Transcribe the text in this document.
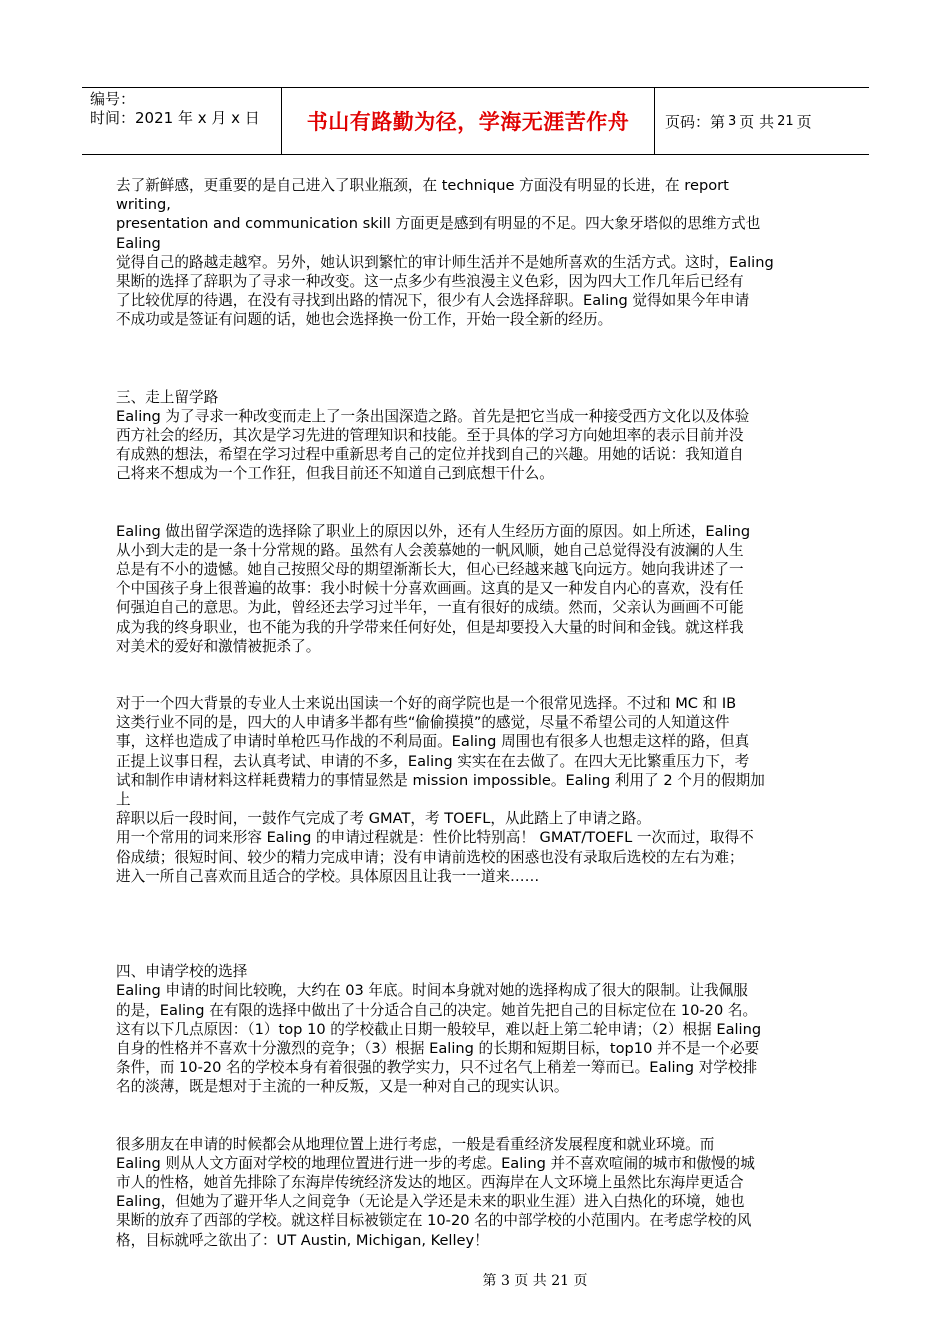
编号：
时间：2021 年 x 月 x 日	书山有路勤为径，学海无涯苦作舟 页码：第 3 页 共 21 页
去了新鲜感，更重要的是自己进入了职业瓶颈，在 technique 方面没有明显的长进，在 report
writing,
presentation and communication skill 方面更是感到有明显的不足。四大象牙塔似的思维方式也
Ealing
觉得自己的路越走越窄。另外，她认识到繁忙的审计师生活并不是她所喜欢的生活方式。这时，Ealing
果断的选择了辞职为了寻求一种改变。这一点多少有些浪漫主义色彩，因为四大工作几年后已经有
了比较优厚的待遇，在没有寻找到出路的情况下，很少有人会选择辞职。Ealing 觉得如果今年申请
不成功或是签证有问题的话，她也会选择换一份工作，开始一段全新的经历。
三、走上留学路
Ealing 为了寻求一种改变而走上了一条出国深造之路。首先是把它当成一种接受西方文化以及体验
西方社会的经历，其次是学习先进的管理知识和技能。至于具体的学习方向她坦率的表示目前并没
有成熟的想法，希望在学习过程中重新思考自己的定位并找到自己的兴趣。用她的话说：我知道自
己将来不想成为一个工作狂，但我目前还不知道自己到底想干什么。
Ealing 做出留学深造的选择除了职业上的原因以外，还有人生经历方面的原因。如上所述，Ealing
从小到大走的是一条十分常规的路。虽然有人会羡慕她的一帆风顺，她自己总觉得没有波澜的人生
总是有不小的遗憾。她自己按照父母的期望渐渐长大，但心已经越来越飞向远方。她向我讲述了一
个中国孩子身上很普遍的故事：我小时候十分喜欢画画。这真的是又一种发自内心的喜欢，没有任
何强迫自己的意思。为此，曾经还去学习过半年，一直有很好的成绩。然而，父亲认为画画不可能
成为我的终身职业，也不能为我的升学带来任何好处，但是却要投入大量的时间和金钱。就这样我
对美术的爱好和激情被扼杀了。
对于一个四大背景的专业人士来说出国读一个好的商学院也是一个很常见选择。不过和 MC 和 IB
这类行业不同的是，四大的人申请多半都有些“偷偷摸摸”的感觉，尽量不希望公司的人知道这件
事，这样也造成了申请时单枪匹马作战的不利局面。Ealing 周围也有很多人也想走这样的路，但真
正提上议事日程，去认真考试、申请的不多，Ealing 实实在在去做了。在四大无比繁重压力下，考
试和制作申请材料这样耗费精力的事情显然是 mission impossible。Ealing 利用了 2 个月的假期加
上
辞职以后一段时间，一鼓作气完成了考 GMAT，考 TOEFL，从此踏上了申请之路。
用一个常用的词来形容 Ealing 的申请过程就是：性价比特别高！ GMAT/TOEFL 一次而过，取得不
俗成绩；很短时间、较少的精力完成申请；没有申请前选校的困惑也没有录取后选校的左右为难；
进入一所自己喜欢而且适合的学校。具体原因且让我一一道来……
四、申请学校的选择
Ealing 申请的时间比较晚，大约在 03 年底。时间本身就对她的选择构成了很大的限制。让我佩服
的是，Ealing 在有限的选择中做出了十分适合自己的决定。她首先把自己的目标定位在 10-20 名。
这有以下几点原因：（1）top 10 的学校截止日期一般较早，难以赶上第二轮申请；（2）根据 Ealing
自身的性格并不喜欢十分激烈的竞争；（3）根据 Ealing 的长期和短期目标，top10 并不是一个必要
条件，而 10-20 名的学校本身有着很强的教学实力，只不过名气上稍差一筹而已。Ealing 对学校排
名的淡薄，既是想对于主流的一种反叛，又是一种对自己的现实认识。
很多朋友在申请的时候都会从地理位置上进行考虑，一般是看重经济发展程度和就业环境。而
Ealing 则从人文方面对学校的地理位置进行进一步的考虑。Ealing 并不喜欢喧闹的城市和傲慢的城
市人的性格，她首先排除了东海岸传统经济发达的地区。西海岸在人文环境上虽然比东海岸更适合
Ealing，但她为了避开华人之间竞争（无论是入学还是未来的职业生涯）进入白热化的环境，她也
果断的放弃了西部的学校。就这样目标被锁定在 10-20 名的中部学校的小范围内。在考虑学校的风
格，目标就呼之欲出了：UT Austin, Michigan, Kelley！
第 3 页 共 21 页
